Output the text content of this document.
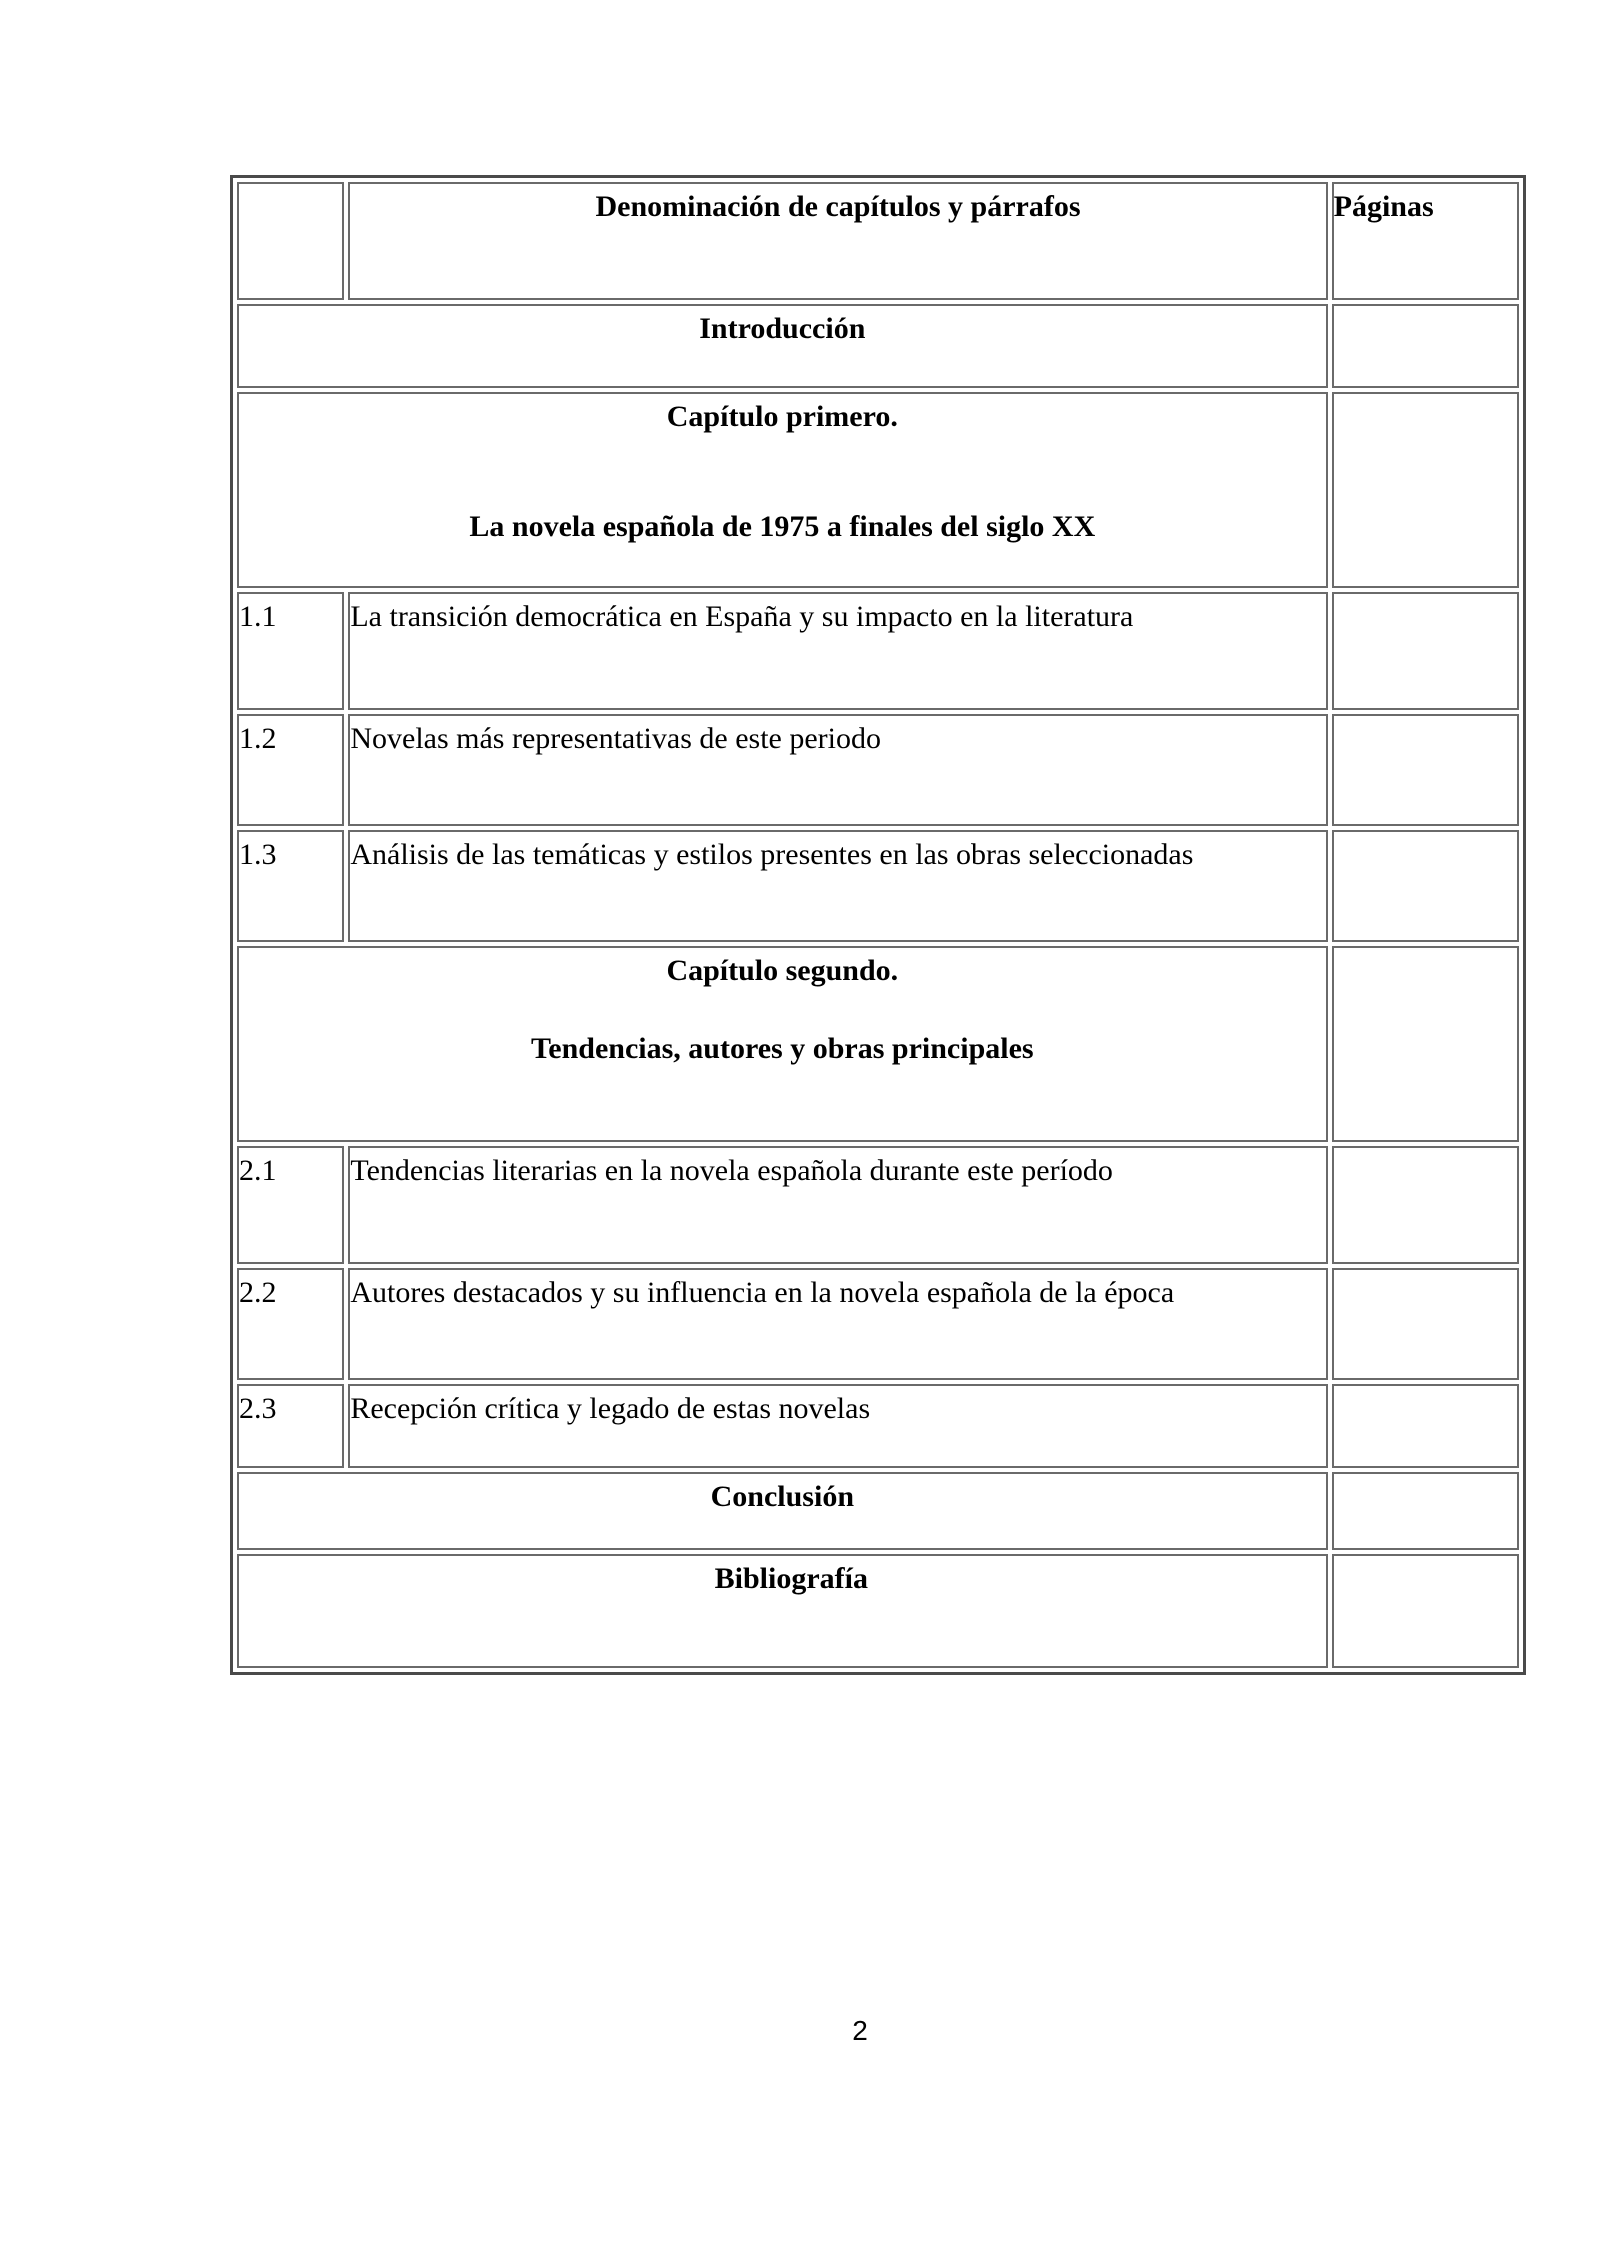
	Denominación de capítulos y párrafos	Páginas

Introducción		

Capítulo primero.
La novela española de 1975 a finales del siglo XX		

1.1	La transición democrática en España y su impacto en la literatura	
1.2	Novelas más representativas de este periodo	
1.3	Análisis de las temáticas y estilos presentes en las obras seleccionadas	

Capítulo segundo.
Tendencias, autores y obras principales		

2.1	Tendencias literarias en la novela española durante este período	
2.2	Autores destacados y su influencia en la novela española de la época	
2.3	Recepción crítica y legado de estas novelas	

Conclusión		

Bibliografía		

2
